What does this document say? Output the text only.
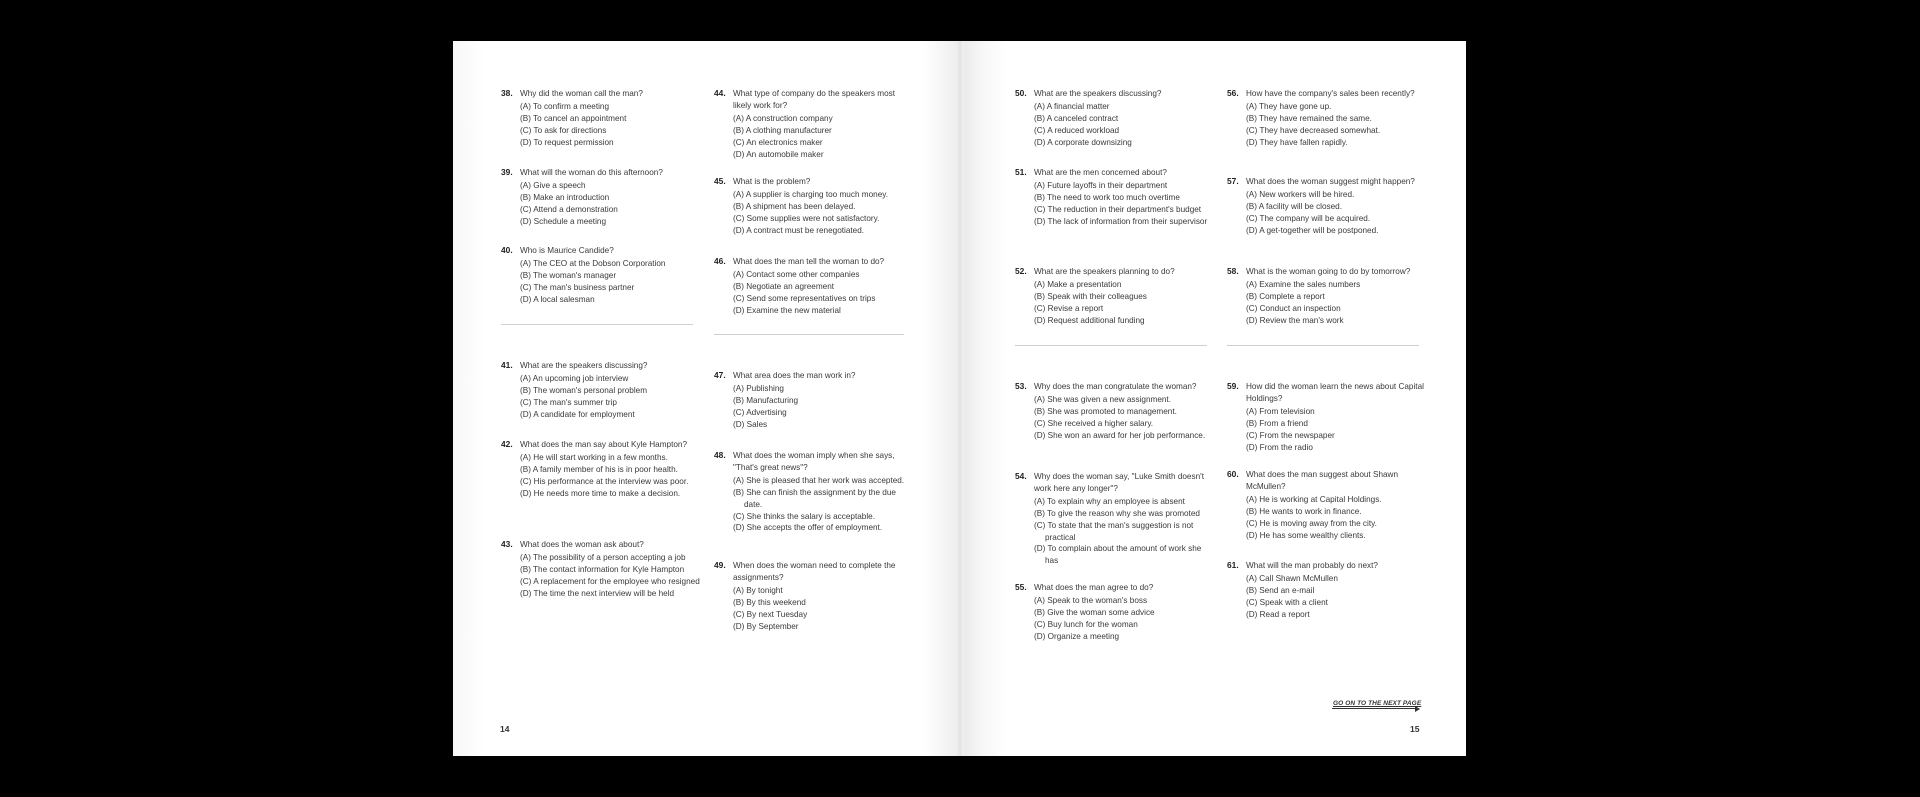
38. Why did the woman call the man?
(A) To confirm a meeting
(B) To cancel an appointment
(C) To ask for directions
(D) To request permission
39. What will the woman do this afternoon?
(A) Give a speech
(B) Make an introduction
(C) Attend a demonstration
(D) Schedule a meeting
40. Who is Maurice Candide?
(A) The CEO at the Dobson Corporation
(B) The woman's manager
(C) The man's business partner
(D) A local salesman
41. What are the speakers discussing?
(A) An upcoming job interview
(B) The woman's personal problem
(C) The man's summer trip
(D) A candidate for employment
42. What does the man say about Kyle Hampton?
(A) He will start working in a few months.
(B) A family member of his is in poor health.
(C) His performance at the interview was poor.
(D) He needs more time to make a decision.
43. What does the woman ask about?
(A) The possibility of a person accepting a job
(B) The contact information for Kyle Hampton
(C) A replacement for the employee who resigned
(D) The time the next interview will be held
44. What type of company do the speakers most likely work for?
(A) A construction company
(B) A clothing manufacturer
(C) An electronics maker
(D) An automobile maker
45. What is the problem?
(A) A supplier is charging too much money.
(B) A shipment has been delayed.
(C) Some supplies were not satisfactory.
(D) A contract must be renegotiated.
46. What does the man tell the woman to do?
(A) Contact some other companies
(B) Negotiate an agreement
(C) Send some representatives on trips
(D) Examine the new material
47. What area does the man work in?
(A) Publishing
(B) Manufacturing
(C) Advertising
(D) Sales
48. What does the woman imply when she says, "That's great news"?
(A) She is pleased that her work was accepted.
(B) She can finish the assignment by the due date.
(C) She thinks the salary is acceptable.
(D) She accepts the offer of employment.
49. When does the woman need to complete the assignments?
(A) By tonight
(B) By this weekend
(C) By next Tuesday
(D) By September
50. What are the speakers discussing?
(A) A financial matter
(B) A canceled contract
(C) A reduced workload
(D) A corporate downsizing
51. What are the men concerned about?
(A) Future layoffs in their department
(B) The need to work too much overtime
(C) The reduction in their department's budget
(D) The lack of information from their supervisor
52. What are the speakers planning to do?
(A) Make a presentation
(B) Speak with their colleagues
(C) Revise a report
(D) Request additional funding
53. Why does the man congratulate the woman?
(A) She was given a new assignment.
(B) She was promoted to management.
(C) She received a higher salary.
(D) She won an award for her job performance.
54. Why does the woman say, "Luke Smith doesn't work here any longer"?
(A) To explain why an employee is absent
(B) To give the reason why she was promoted
(C) To state that the man's suggestion is not practical
(D) To complain about the amount of work she has
55. What does the man agree to do?
(A) Speak to the woman's boss
(B) Give the woman some advice
(C) Buy lunch for the woman
(D) Organize a meeting
56. How have the company's sales been recently?
(A) They have gone up.
(B) They have remained the same.
(C) They have decreased somewhat.
(D) They have fallen rapidly.
57. What does the woman suggest might happen?
(A) New workers will be hired.
(B) A facility will be closed.
(C) The company will be acquired.
(D) A get-together will be postponed.
58. What is the woman going to do by tomorrow?
(A) Examine the sales numbers
(B) Complete a report
(C) Conduct an inspection
(D) Review the man's work
59. How did the woman learn the news about Capital Holdings?
(A) From television
(B) From a friend
(C) From the newspaper
(D) From the radio
60. What does the man suggest about Shawn McMullen?
(A) He is working at Capital Holdings.
(B) He wants to work in finance.
(C) He is moving away from the city.
(D) He has some wealthy clients.
61. What will the man probably do next?
(A) Call Shawn McMullen
(B) Send an e-mail
(C) Speak with a client
(D) Read a report
14	15
GO ON TO THE NEXT PAGE
